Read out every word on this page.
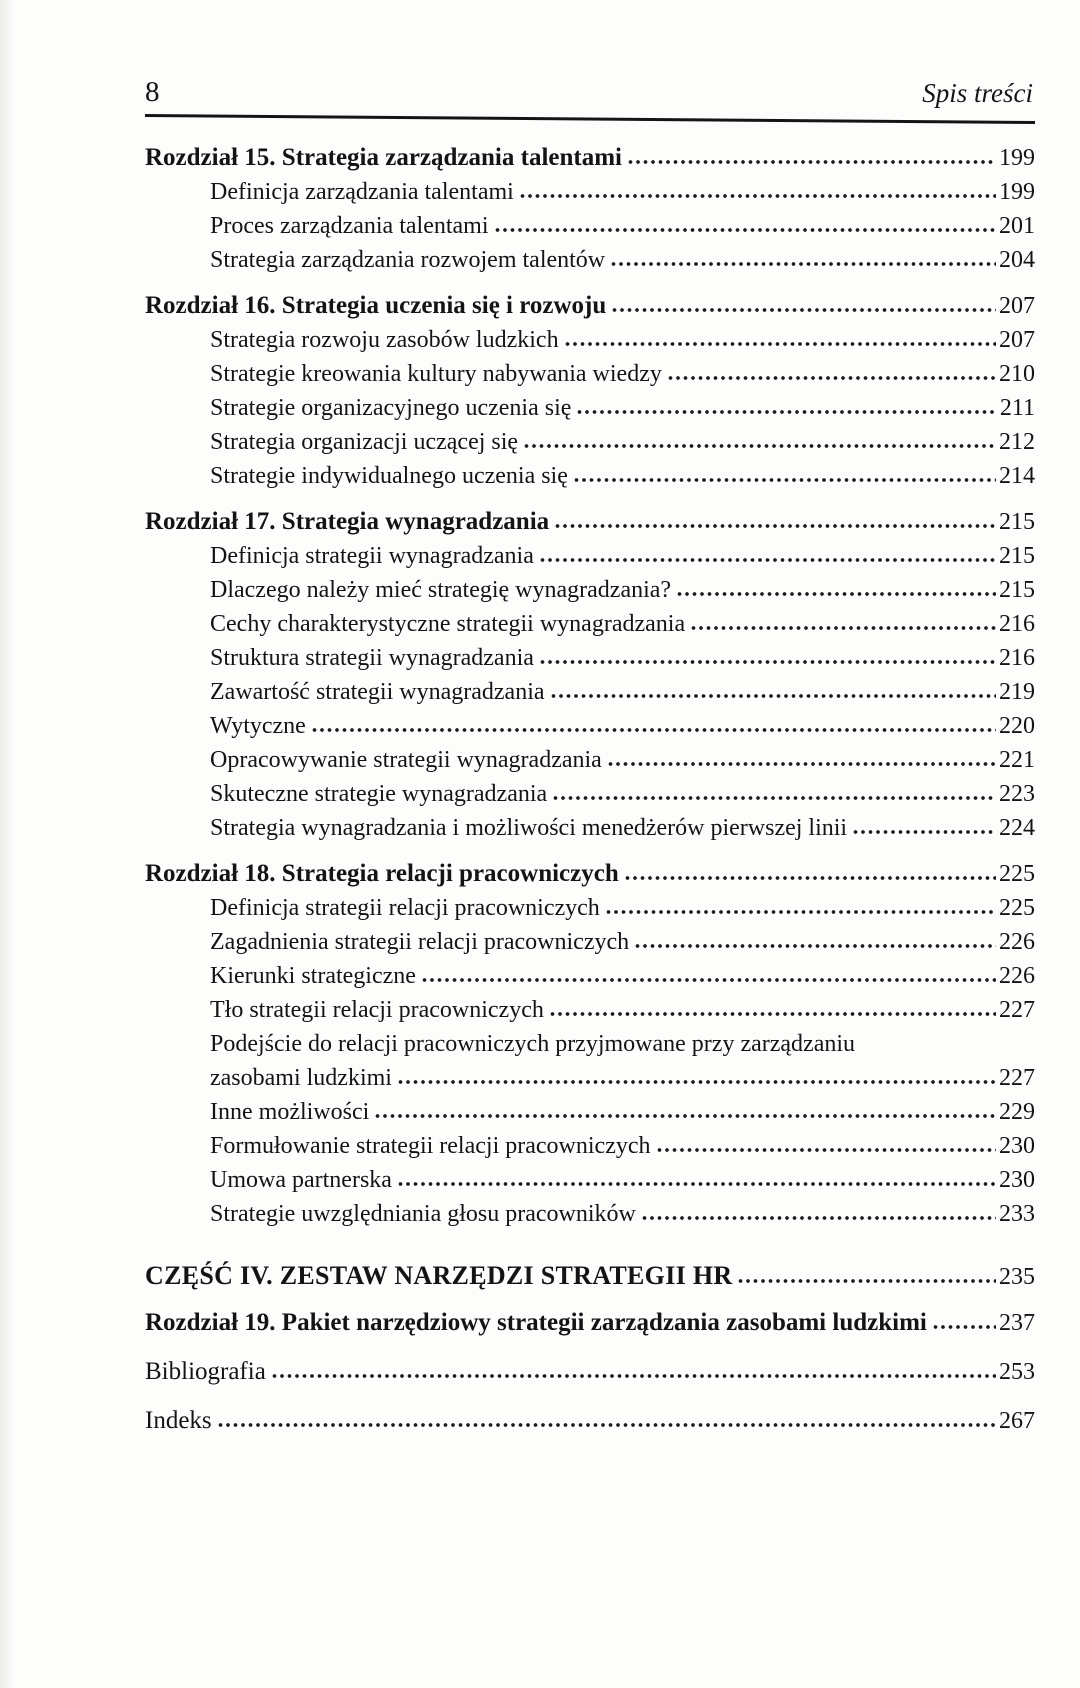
8	Spis treści
Rozdział 15. Strategia zarządzania talentami	199
Definicja zarządzania talentami	199
Proces zarządzania talentami	201
Strategia zarządzania rozwojem talentów	204
Rozdział 16. Strategia uczenia się i rozwoju	207
Strategia rozwoju zasobów ludzkich	207
Strategie kreowania kultury nabywania wiedzy	210
Strategie organizacyjnego uczenia się	211
Strategia organizacji uczącej się	212
Strategie indywidualnego uczenia się	214
Rozdział 17. Strategia wynagradzania	215
Definicja strategii wynagradzania	215
Dlaczego należy mieć strategię wynagradzania?	215
Cechy charakterystyczne strategii wynagradzania	216
Struktura strategii wynagradzania	216
Zawartość strategii wynagradzania	219
Wytyczne	220
Opracowywanie strategii wynagradzania	221
Skuteczne strategie wynagradzania	223
Strategia wynagradzania i możliwości menedżerów pierwszej linii	224
Rozdział 18. Strategia relacji pracowniczych	225
Definicja strategii relacji pracowniczych	225
Zagadnienia strategii relacji pracowniczych	226
Kierunki strategiczne	226
Tło strategii relacji pracowniczych	227
Podejście do relacji pracowniczych przyjmowane przy zarządzaniu
zasobami ludzkimi	227
Inne możliwości	229
Formułowanie strategii relacji pracowniczych	230
Umowa partnerska	230
Strategie uwzględniania głosu pracowników	233
CZĘŚĆ IV. ZESTAW NARZĘDZI STRATEGII HR	235
Rozdział 19. Pakiet narzędziowy strategii zarządzania zasobami ludzkimi	237
Bibliografia	253
Indeks	267
